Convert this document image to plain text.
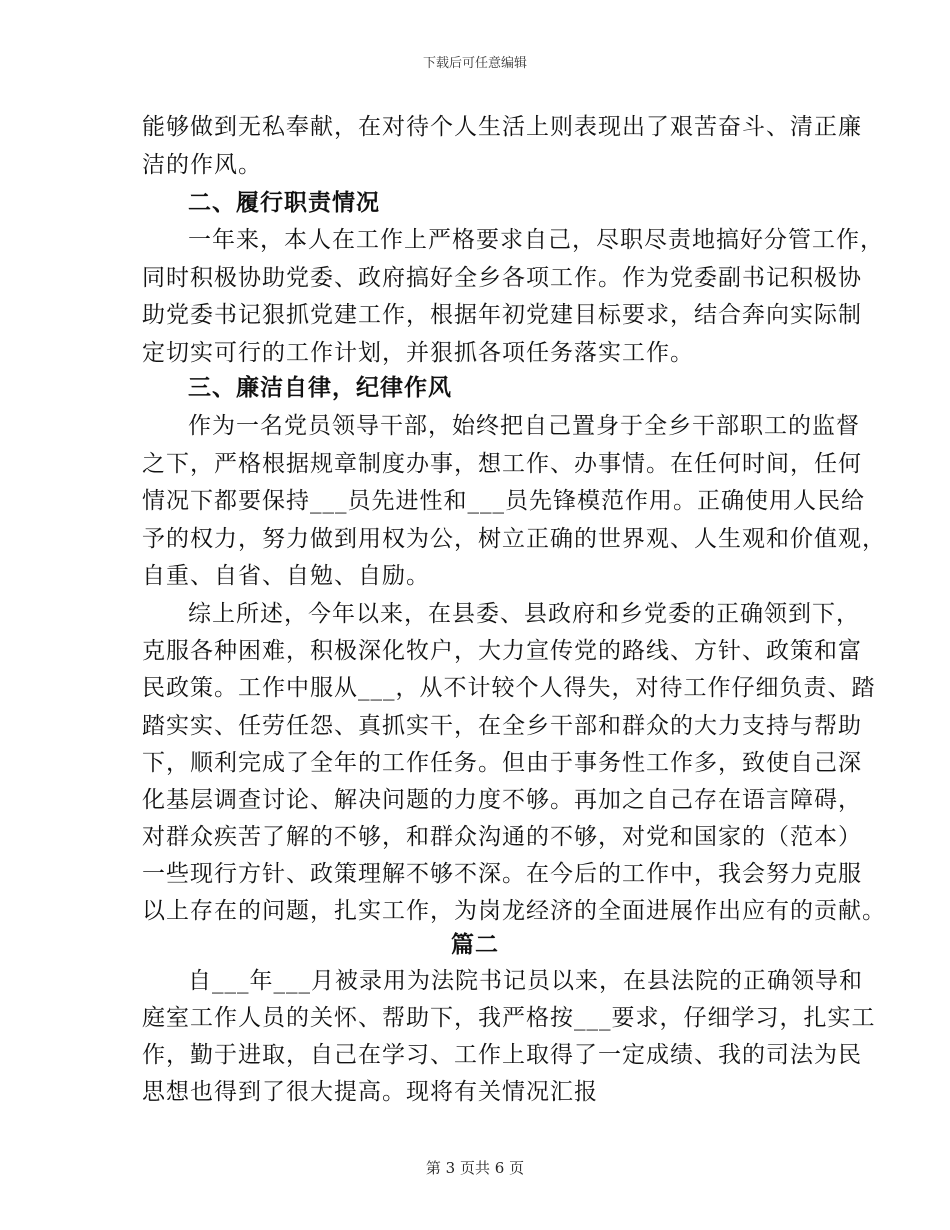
下载后可任意编辑
能够做到无私奉献，在对待个人生活上则表现出了艰苦奋斗、清正廉
洁的作风。
二、履行职责情况
一年来，本人在工作上严格要求自己，尽职尽责地搞好分管工作，
同时积极协助党委、政府搞好全乡各项工作。作为党委副书记积极协
助党委书记狠抓党建工作，根据年初党建目标要求，结合奔向实际制
定切实可行的工作计划，并狠抓各项任务落实工作。
三、廉洁自律，纪律作风
作为一名党员领导干部，始终把自己置身于全乡干部职工的监督
之下，严格根据规章制度办事，想工作、办事情。在任何时间，任何
情况下都要保持___员先进性和___员先锋模范作用。正确使用人民给
予的权力，努力做到用权为公，树立正确的世界观、人生观和价值观，
自重、自省、自勉、自励。
综上所述，今年以来，在县委、县政府和乡党委的正确领到下，
克服各种困难，积极深化牧户，大力宣传党的路线、方针、政策和富
民政策。工作中服从___，从不计较个人得失，对待工作仔细负责、踏
踏实实、任劳任怨、真抓实干，在全乡干部和群众的大力支持与帮助
下，顺利完成了全年的工作任务。但由于事务性工作多，致使自己深
化基层调查讨论、解决问题的力度不够。再加之自己存在语言障碍，
对群众疾苦了解的不够，和群众沟通的不够，对党和国家的（范本）
一些现行方针、政策理解不够不深。在今后的工作中，我会努力克服
以上存在的问题，扎实工作，为岗龙经济的全面进展作出应有的贡献。
篇二
自___年___月被录用为法院书记员以来，在县法院的正确领导和
庭室工作人员的关怀、帮助下，我严格按___要求，仔细学习，扎实工
作，勤于进取，自己在学习、工作上取得了一定成绩、我的司法为民
思想也得到了很大提高。现将有关情况汇报
第 3 页共 6 页
